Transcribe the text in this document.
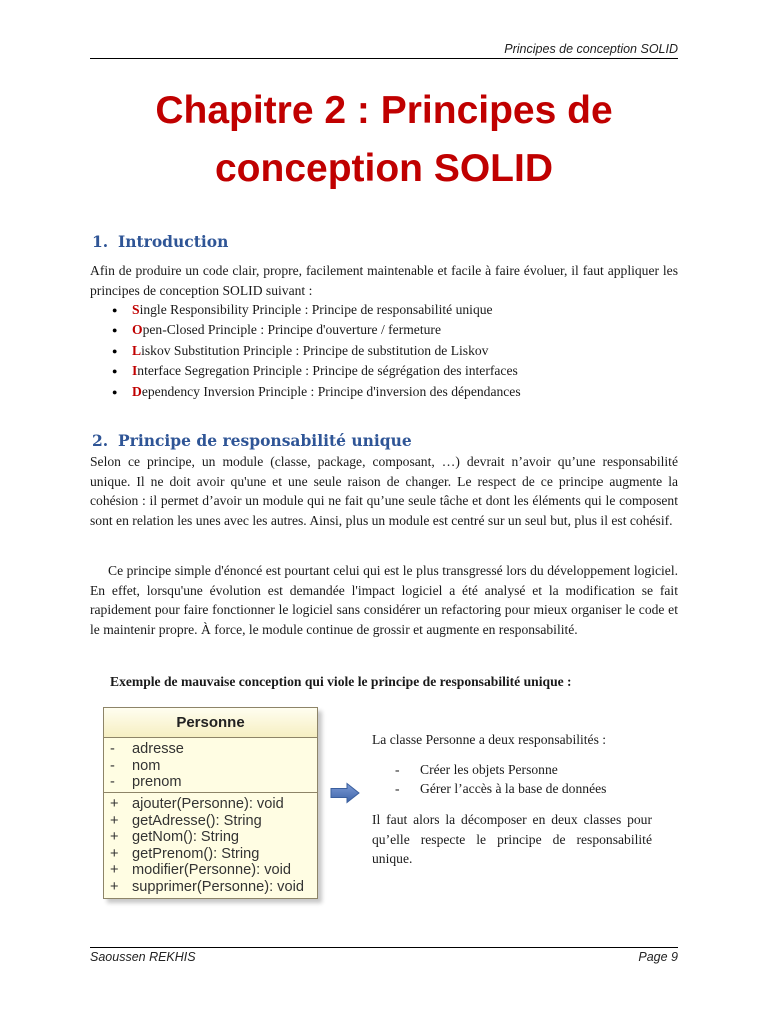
Principes de conception SOLID
Chapitre 2 : Principes de conception SOLID
1. Introduction
Afin de produire un code clair, propre, facilement maintenable et facile à faire évoluer, il faut appliquer les principes de conception SOLID suivant :
● Single Responsibility Principle : Principe de responsabilité unique
● Open-Closed Principle : Principe d'ouverture / fermeture
● Liskov Substitution Principle : Principe de substitution de Liskov
● Interface Segregation Principle : Principe de ségrégation des interfaces
● Dependency Inversion Principle : Principe d'inversion des dépendances
2. Principe de responsabilité unique
Selon ce principe, un module (classe, package, composant, …) devrait n’avoir qu’une responsabilité unique. Il ne doit avoir qu'une et une seule raison de changer. Le respect de ce principe augmente la cohésion : il permet d’avoir un module qui ne fait qu’une seule tâche et dont les éléments qui le composent sont en relation les unes avec les autres. Ainsi, plus un module est centré sur un seul but, plus il est cohésif.
Ce principe simple d'énoncé est pourtant celui qui est le plus transgressé lors du développement logiciel. En effet, lorsqu'une évolution est demandée l'impact logiciel a été analysé et la modification se fait rapidement pour faire fonctionner le logiciel sans considérer un refactoring pour mieux organiser le code et le maintenir propre. À force, le module continue de grossir et augmente en responsabilité.
Exemple de mauvaise conception qui viole le principe de responsabilité unique :
Personne
- adresse
- nom
- prenom
+ ajouter(Personne): void
+ getAdresse(): String
+ getNom(): String
+ getPrenom(): String
+ modifier(Personne): void
+ supprimer(Personne): void
La classe Personne a deux responsabilités :
- Créer les objets Personne
- Gérer l’accès à la base de données
Il faut alors la décomposer en deux classes pour qu’elle respecte le principe de responsabilité unique.
Saoussen REKHIS	Page 9
